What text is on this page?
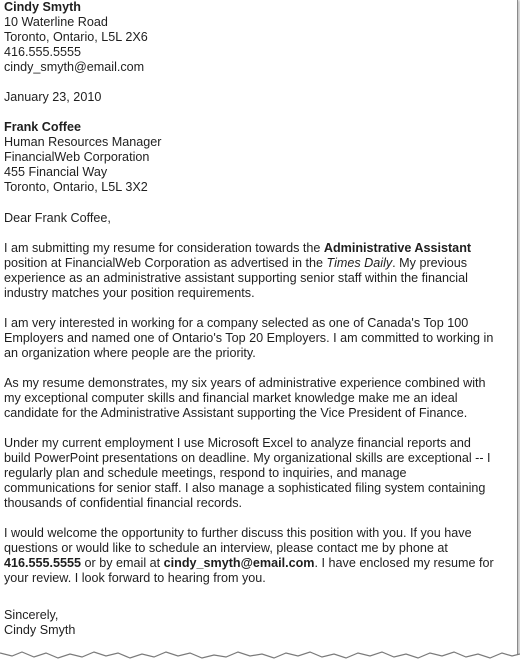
Cindy Smyth
10 Waterline Road
Toronto, Ontario, L5L 2X6
416.555.5555
cindy_smyth@email.com
January 23, 2010
Frank Coffee
Human Resources Manager
FinancialWeb Corporation
455 Financial Way
Toronto, Ontario, L5L 3X2
Dear Frank Coffee,
I am submitting my resume for consideration towards the Administrative Assistant
position at FinancialWeb Corporation as advertised in the Times Daily. My previous
experience as an administrative assistant supporting senior staff within the financial
industry matches your position requirements.
I am very interested in working for a company selected as one of Canada's Top 100
Employers and named one of Ontario's Top 20 Employers. I am committed to working in
an organization where people are the priority.
As my resume demonstrates, my six years of administrative experience combined with
my exceptional computer skills and financial market knowledge make me an ideal
candidate for the Administrative Assistant supporting the Vice President of Finance.
Under my current employment I use Microsoft Excel to analyze financial reports and
build PowerPoint presentations on deadline. My organizational skills are exceptional -- I
regularly plan and schedule meetings, respond to inquiries, and manage
communications for senior staff. I also manage a sophisticated filing system containing
thousands of confidential financial records.
I would welcome the opportunity to further discuss this position with you. If you have
questions or would like to schedule an interview, please contact me by phone at
416.555.5555 or by email at cindy_smyth@email.com. I have enclosed my resume for
your review. I look forward to hearing from you.
Sincerely,
Cindy Smyth
